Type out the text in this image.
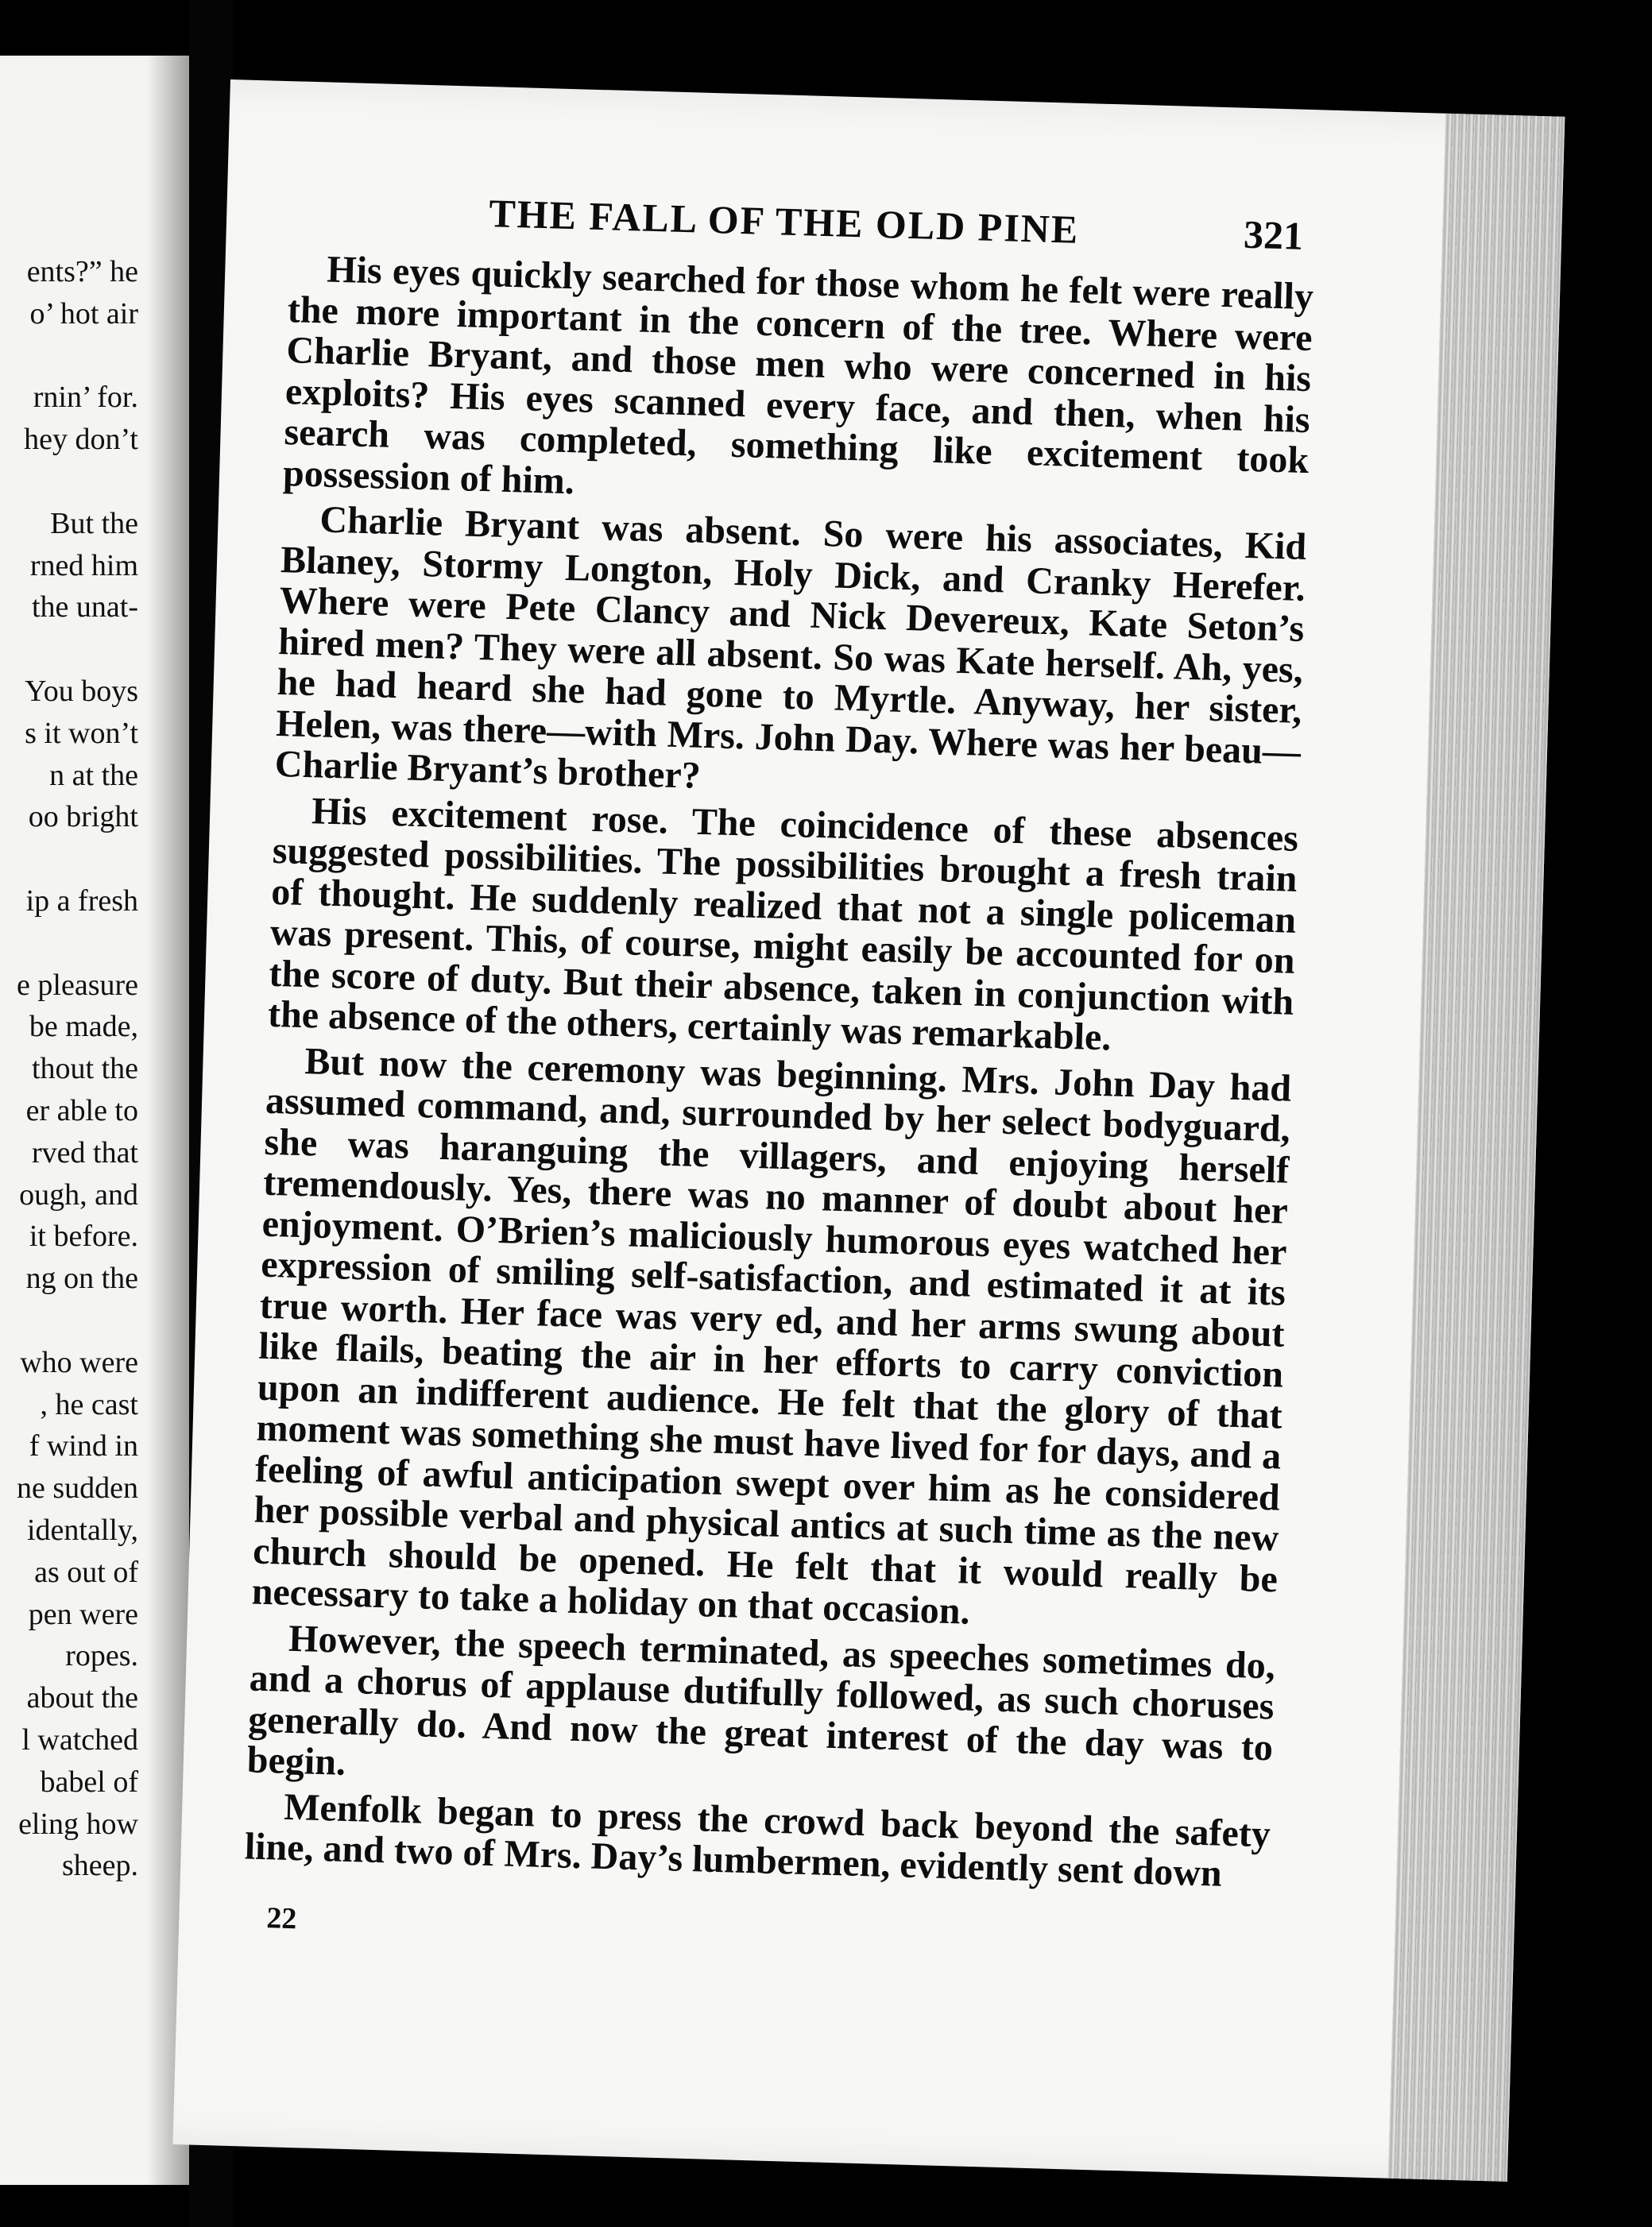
ents?” he
o’ hot air
rnin’ for.
hey don’t
But the
rned him
the unat-
You boys
s it won’t
n at the
oo bright
ip a fresh
e pleasure
be made,
thout the
er able to
rved that
ough, and
it before.
ng on the
who were
, he cast
f wind in
ne sudden
identally,
as out of
pen were
ropes.
about the
l watched
babel of
eling how
sheep.
THE FALL OF THE OLD PINE	321

His eyes quickly searched for those whom he felt were really the more important in the concern of the tree. Where were Charlie Bryant, and those men who were concerned in his exploits? His eyes scanned every face, and then, when his search was completed, something like excitement took possession of him.

Charlie Bryant was absent. So were his associates, Kid Blaney, Stormy Longton, Holy Dick, and Cranky Herefer. Where were Pete Clancy and Nick Devereux, Kate Seton’s hired men? They were all absent. So was Kate herself. Ah, yes, he had heard she had gone to Myrtle. Anyway, her sister, Helen, was there—with Mrs. John Day. Where was her beau—Charlie Bryant’s brother?

His excitement rose. The coincidence of these absences suggested possibilities. The possibilities brought a fresh train of thought. He suddenly realized that not a single policeman was present. This, of course, might easily be accounted for on the score of duty. But their absence, taken in conjunction with the absence of the others, certainly was remarkable.

But now the ceremony was beginning. Mrs. John Day had assumed command, and, surrounded by her select bodyguard, she was haranguing the villagers, and enjoying herself tremendously. Yes, there was no manner of doubt about her enjoyment. O’Brien’s maliciously humorous eyes watched her expression of smiling self-satisfaction, and estimated it at its true worth. Her face was very ed, and her arms swung about like flails, beating the air in her efforts to carry conviction upon an indifferent audience. He felt that the glory of that moment was something she must have lived for for days, and a feeling of awful anticipation swept over him as he considered her possible verbal and physical antics at such time as the new church should be opened. He felt that it would really be necessary to take a holiday on that occasion.

However, the speech terminated, as speeches sometimes do, and a chorus of applause dutifully followed, as such choruses generally do. And now the great interest of the day was to begin.

Menfolk began to press the crowd back beyond the safety line, and two of Mrs. Day’s lumbermen, evidently sent down

22
